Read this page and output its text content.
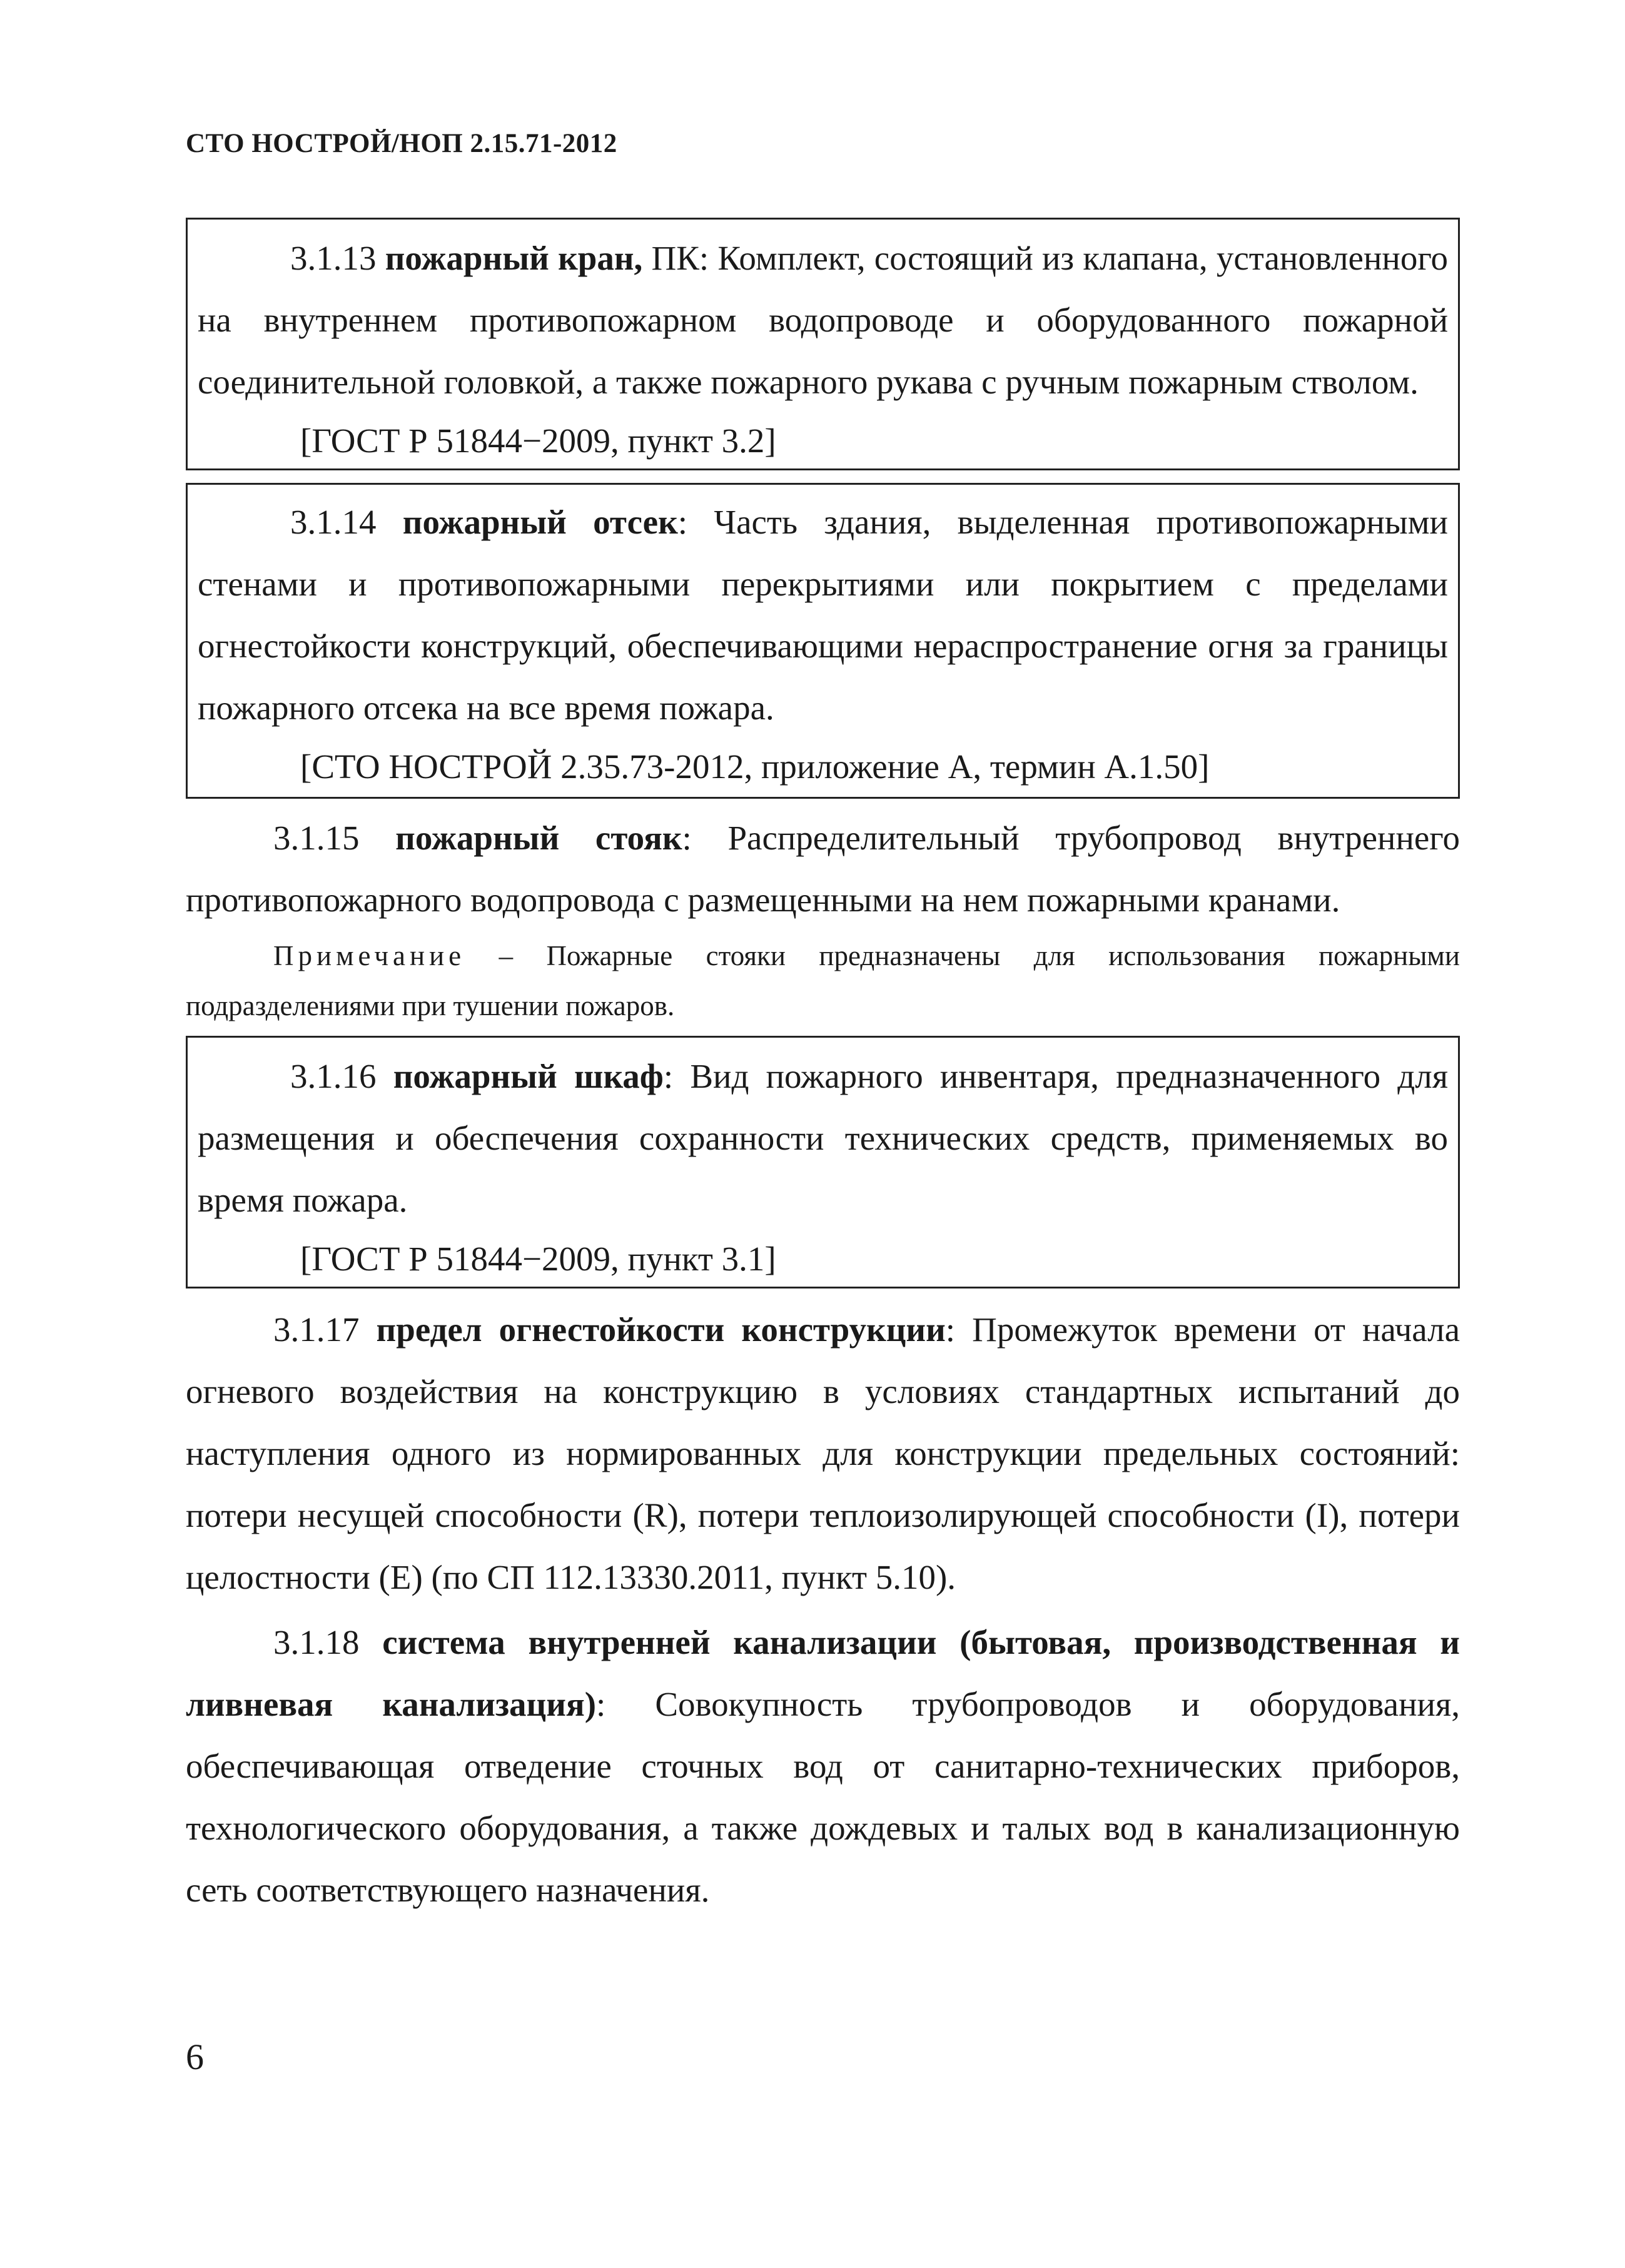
СТО НОСТРОЙ/НОП 2.15.71-2012

3.1.13 пожарный кран, ПК: Комплект, состоящий из клапана, установленного на внутреннем противопожарном водопроводе и оборудованного пожарной соединительной головкой, а также пожарного рукава с ручным пожарным стволом.

[ГОСТ Р 51844−2009, пункт 3.2]

3.1.14 пожарный отсек: Часть здания, выделенная противопожарными стенами и противопожарными перекрытиями или покрытием с пределами огнестойкости конструкций, обеспечивающими нераспространение огня за границы пожарного отсека на все время пожара.

[СТО НОСТРОЙ 2.35.73-2012, приложение А, термин А.1.50]

3.1.15 пожарный стояк: Распределительный трубопровод внутреннего противопожарного водопровода с размещенными на нем пожарными кранами.

Примечание – Пожарные стояки предназначены для использования пожарными подразделениями при тушении пожаров.

3.1.16 пожарный шкаф: Вид пожарного инвентаря, предназначенного для размещения и обеспечения сохранности технических средств, применяемых во время пожара.

[ГОСТ Р 51844−2009, пункт 3.1]

3.1.17 предел огнестойкости конструкции: Промежуток времени от начала огневого воздействия на конструкцию в условиях стандартных испытаний до наступления одного из нормированных для конструкции предельных состояний: потери несущей способности (R), потери теплоизолирующей способности (I), потери целостности (Е) (по СП 112.13330.2011, пункт 5.10).

3.1.18 система внутренней канализации (бытовая, производственная и ливневая канализация): Совокупность трубопроводов и оборудования, обеспечивающая отведение сточных вод от санитарно-технических приборов, технологического оборудования, а также дождевых и талых вод в канализационную сеть соответствующего назначения.

6
